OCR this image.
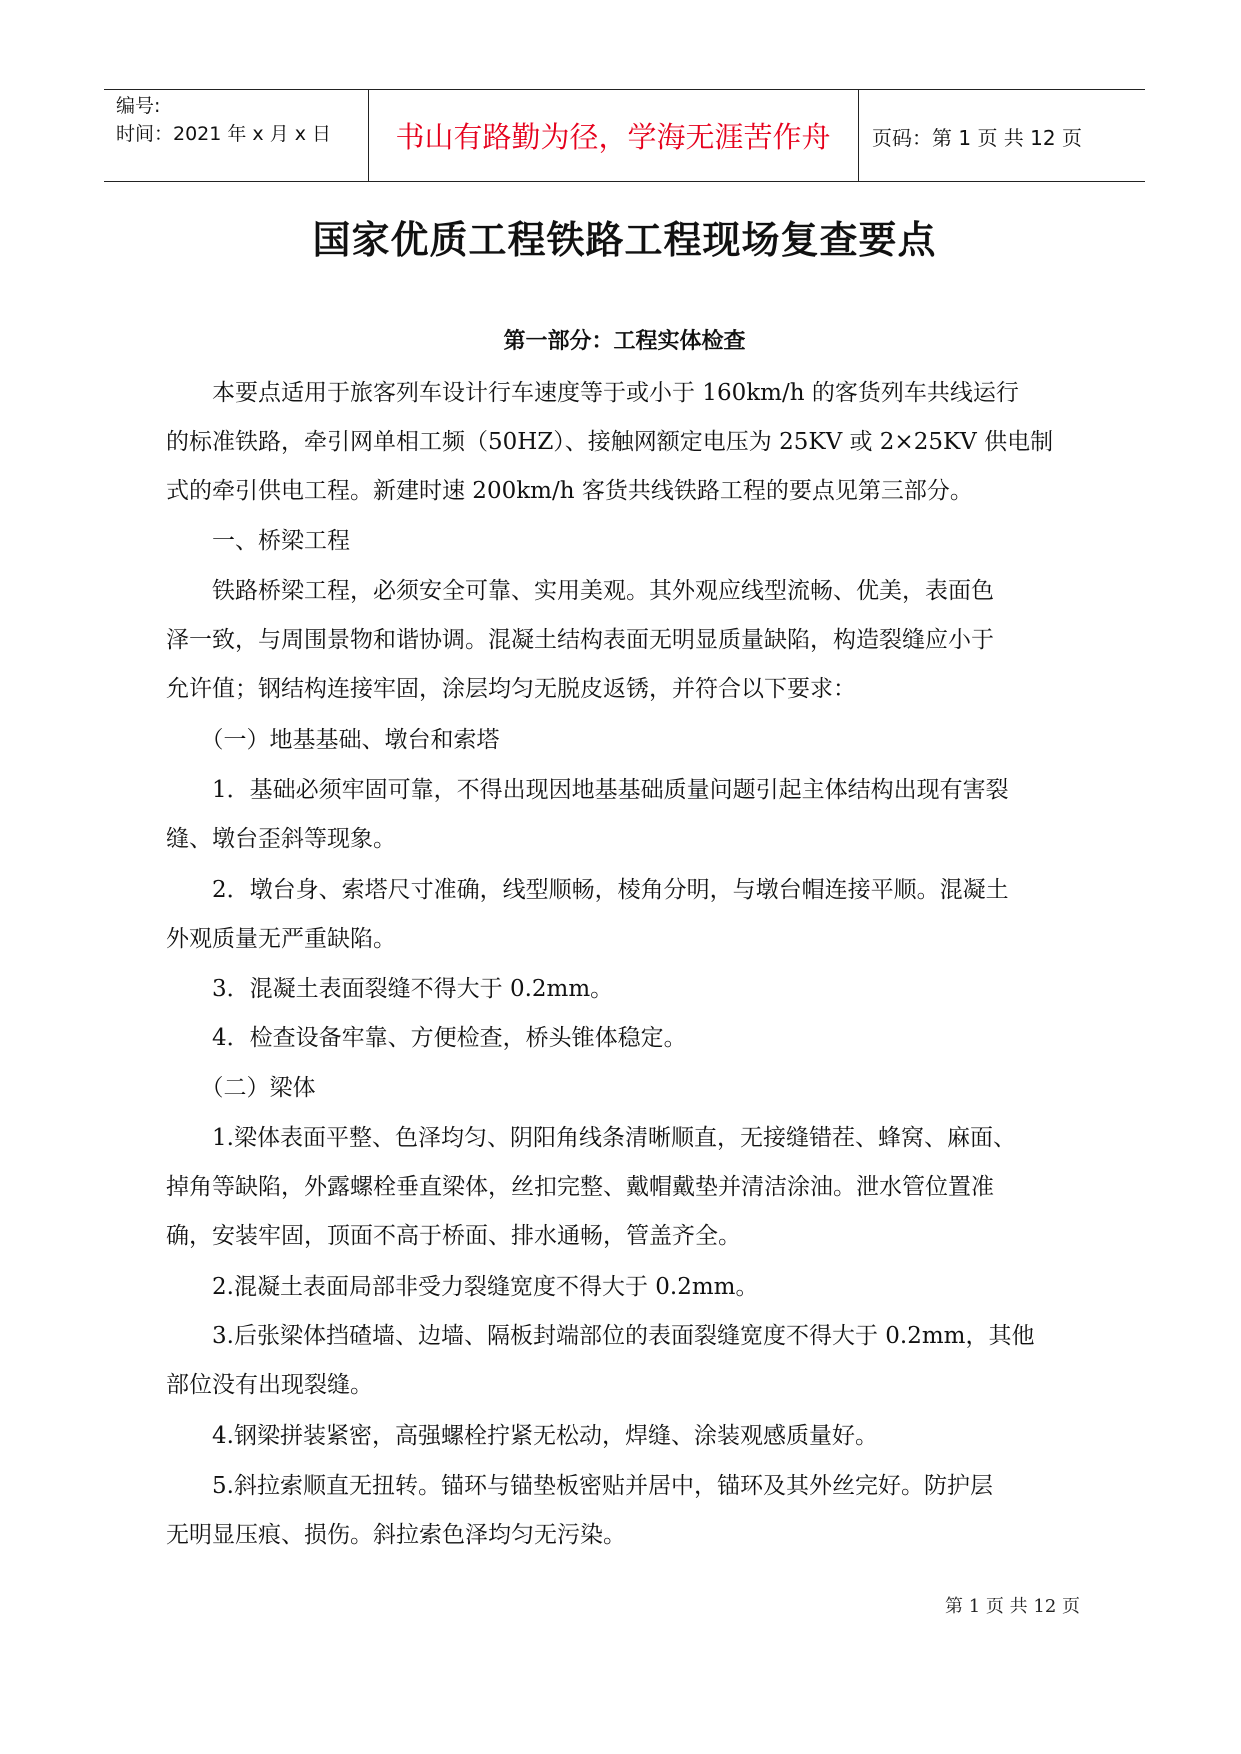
编号:
时间：2021 年 x 月 x 日	书山有路勤为径，学海无涯苦作舟	页码：第 1 页 共 12 页
国家优质工程铁路工程现场复查要点
第一部分：工程实体检查
　　本要点适用于旅客列车设计行车速度等于或小于 160km/h 的客货列车共线运行
的标准铁路，牵引网单相工频（50HZ）、接触网额定电压为 25KV 或 2×25KV 供电制
式的牵引供电工程。新建时速 200km/h 客货共线铁路工程的要点见第三部分。
　　一、桥梁工程
　　铁路桥梁工程，必须安全可靠、实用美观。其外观应线型流畅、优美，表面色
泽一致，与周围景物和谐协调。混凝土结构表面无明显质量缺陷，构造裂缝应小于
允许值；钢结构连接牢固，涂层均匀无脱皮返锈，并符合以下要求：
　　（一）地基基础、墩台和索塔
　　1．基础必须牢固可靠，不得出现因地基基础质量问题引起主体结构出现有害裂
缝、墩台歪斜等现象。
　　2．墩台身、索塔尺寸准确，线型顺畅，棱角分明，与墩台帽连接平顺。混凝土
外观质量无严重缺陷。
　　3．混凝土表面裂缝不得大于 0.2mm。
　　4．检查设备牢靠、方便检查，桥头锥体稳定。
　　（二）梁体
　　1.梁体表面平整、色泽均匀、阴阳角线条清晰顺直，无接缝错茬、蜂窝、麻面、
掉角等缺陷，外露螺栓垂直梁体，丝扣完整、戴帽戴垫并清洁涂油。泄水管位置准
确，安装牢固，顶面不高于桥面、排水通畅，管盖齐全。
　　2.混凝土表面局部非受力裂缝宽度不得大于 0.2mm。
　　3.后张梁体挡碴墙、边墙、隔板封端部位的表面裂缝宽度不得大于 0.2mm，其他
部位没有出现裂缝。
　　4.钢梁拼装紧密，高强螺栓拧紧无松动，焊缝、涂装观感质量好。
　　5.斜拉索顺直无扭转。锚环与锚垫板密贴并居中，锚环及其外丝完好。防护层
无明显压痕、损伤。斜拉索色泽均匀无污染。
第 1 页 共 12 页
